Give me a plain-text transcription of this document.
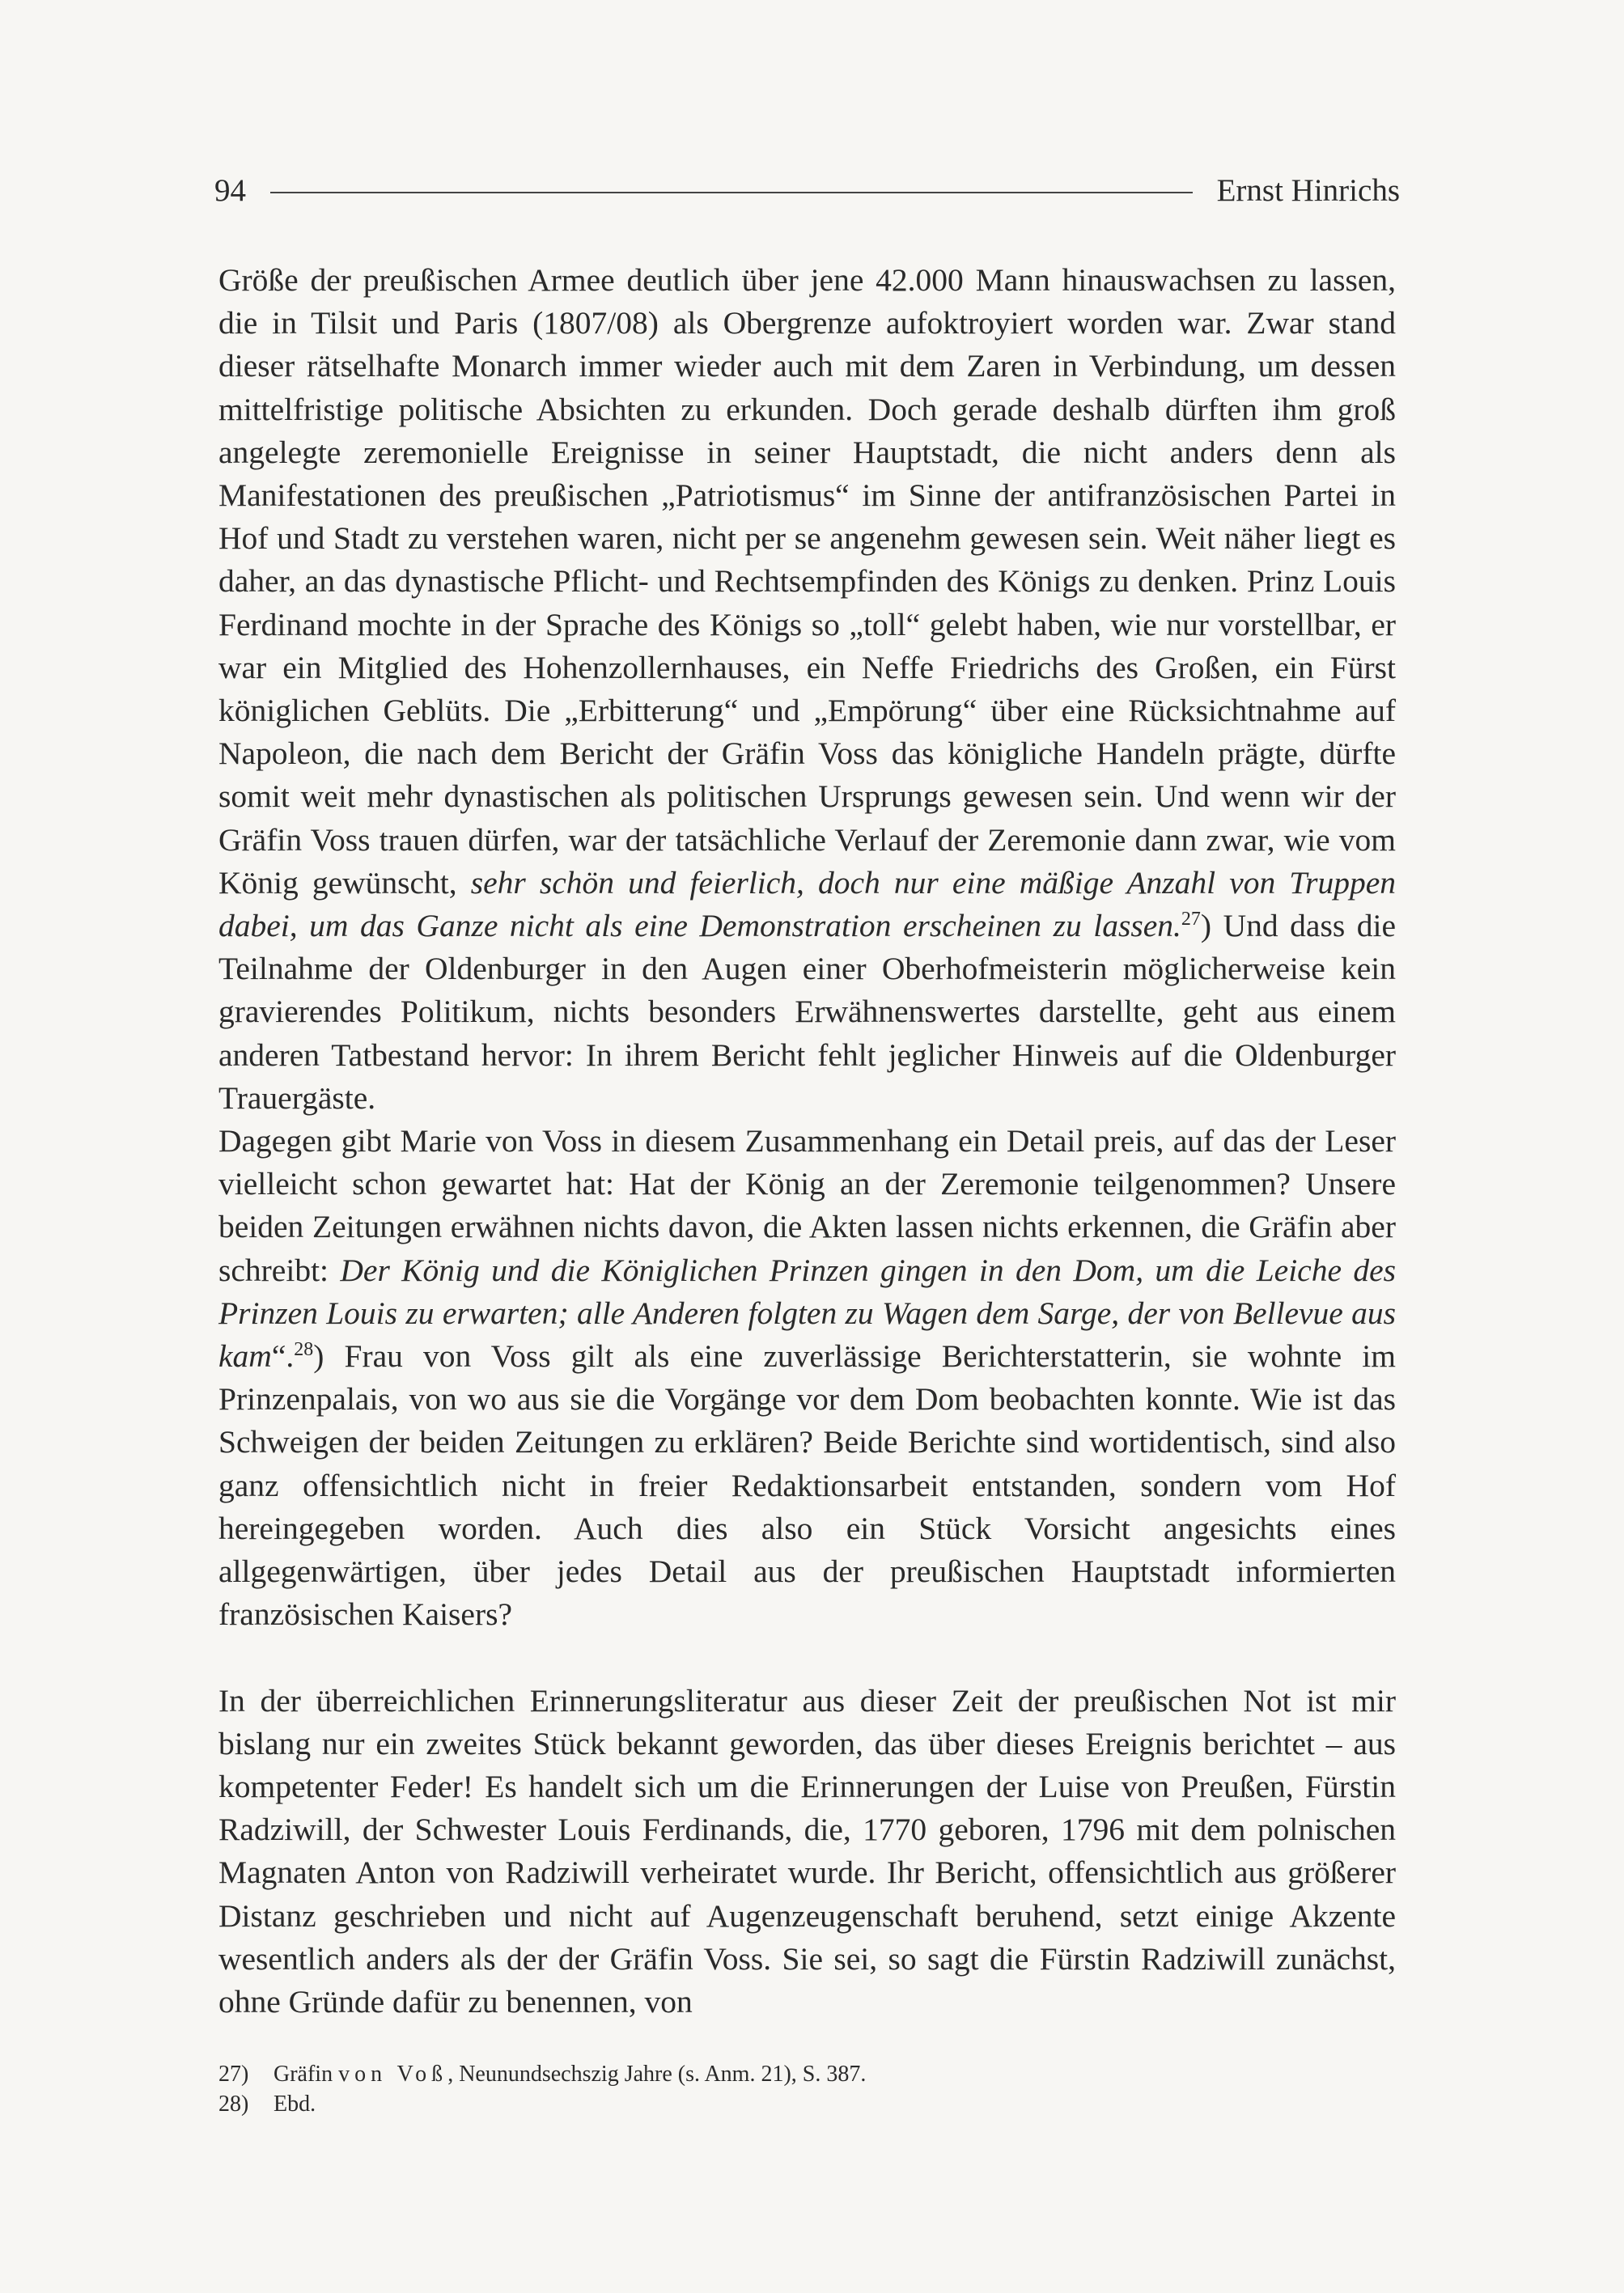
94	Ernst Hinrichs

Größe der preußischen Armee deutlich über jene 42.000 Mann hinauswachsen zu lassen, die in Tilsit und Paris (1807/08) als Obergrenze aufoktroyiert worden war. Zwar stand dieser rätselhafte Monarch immer wieder auch mit dem Zaren in Verbindung, um dessen mittelfristige politische Absichten zu erkunden. Doch gerade deshalb dürften ihm groß angelegte zeremonielle Ereignisse in seiner Hauptstadt, die nicht anders denn als Manifestationen des preußischen „Patriotismus“ im Sinne der antifranzösischen Partei in Hof und Stadt zu verstehen waren, nicht per se angenehm gewesen sein. Weit näher liegt es daher, an das dynastische Pflicht- und Rechtsempfinden des Königs zu denken. Prinz Louis Ferdinand mochte in der Sprache des Königs so „toll“ gelebt haben, wie nur vorstellbar, er war ein Mitglied des Hohenzollernhauses, ein Neffe Friedrichs des Großen, ein Fürst königlichen Geblüts. Die „Erbitterung“ und „Empörung“ über eine Rücksichtnahme auf Napoleon, die nach dem Bericht der Gräfin Voss das königliche Handeln prägte, dürfte somit weit mehr dynastischen als politischen Ursprungs gewesen sein. Und wenn wir der Gräfin Voss trauen dürfen, war der tatsächliche Verlauf der Zeremonie dann zwar, wie vom König gewünscht, sehr schön und feierlich, doch nur eine mäßige Anzahl von Truppen dabei, um das Ganze nicht als eine Demonstration erscheinen zu lassen.$^{27}$) Und dass die Teilnahme der Oldenburger in den Augen einer Oberhofmeisterin möglicherweise kein gravierendes Politikum, nichts besonders Erwähnenswertes darstellte, geht aus einem anderen Tatbestand hervor: In ihrem Bericht fehlt jeglicher Hinweis auf die Oldenburger Trauergäste.

Dagegen gibt Marie von Voss in diesem Zusammenhang ein Detail preis, auf das der Leser vielleicht schon gewartet hat: Hat der König an der Zeremonie teilgenommen? Unsere beiden Zeitungen erwähnen nichts davon, die Akten lassen nichts erkennen, die Gräfin aber schreibt: Der König und die Königlichen Prinzen gingen in den Dom, um die Leiche des Prinzen Louis zu erwarten; alle Anderen folgten zu Wagen dem Sarge, der von Bellevue aus kam“.$^{28}$) Frau von Voss gilt als eine zuverlässige Berichterstatterin, sie wohnte im Prinzenpalais, von wo aus sie die Vorgänge vor dem Dom beobachten konnte. Wie ist das Schweigen der beiden Zeitungen zu erklären? Beide Berichte sind wortidentisch, sind also ganz offensichtlich nicht in freier Redaktionsarbeit entstanden, sondern vom Hof hereingegeben worden. Auch dies also ein Stück Vorsicht angesichts eines allgegenwärtigen, über jedes Detail aus der preußischen Hauptstadt informierten französischen Kaisers?

In der überreichlichen Erinnerungsliteratur aus dieser Zeit der preußischen Not ist mir bislang nur ein zweites Stück bekannt geworden, das über dieses Ereignis berichtet – aus kompetenter Feder! Es handelt sich um die Erinnerungen der Luise von Preußen, Fürstin Radziwill, der Schwester Louis Ferdinands, die, 1770 geboren, 1796 mit dem polnischen Magnaten Anton von Radziwill verheiratet wurde. Ihr Bericht, offensichtlich aus größerer Distanz geschrieben und nicht auf Augenzeugenschaft beruhend, setzt einige Akzente wesentlich anders als der der Gräfin Voss. Sie sei, so sagt die Fürstin Radziwill zunächst, ohne Gründe dafür zu benennen, von

27)	Gräfin von Voß, Neunundsechszig Jahre (s. Anm. 21), S. 387.
28)	Ebd.
